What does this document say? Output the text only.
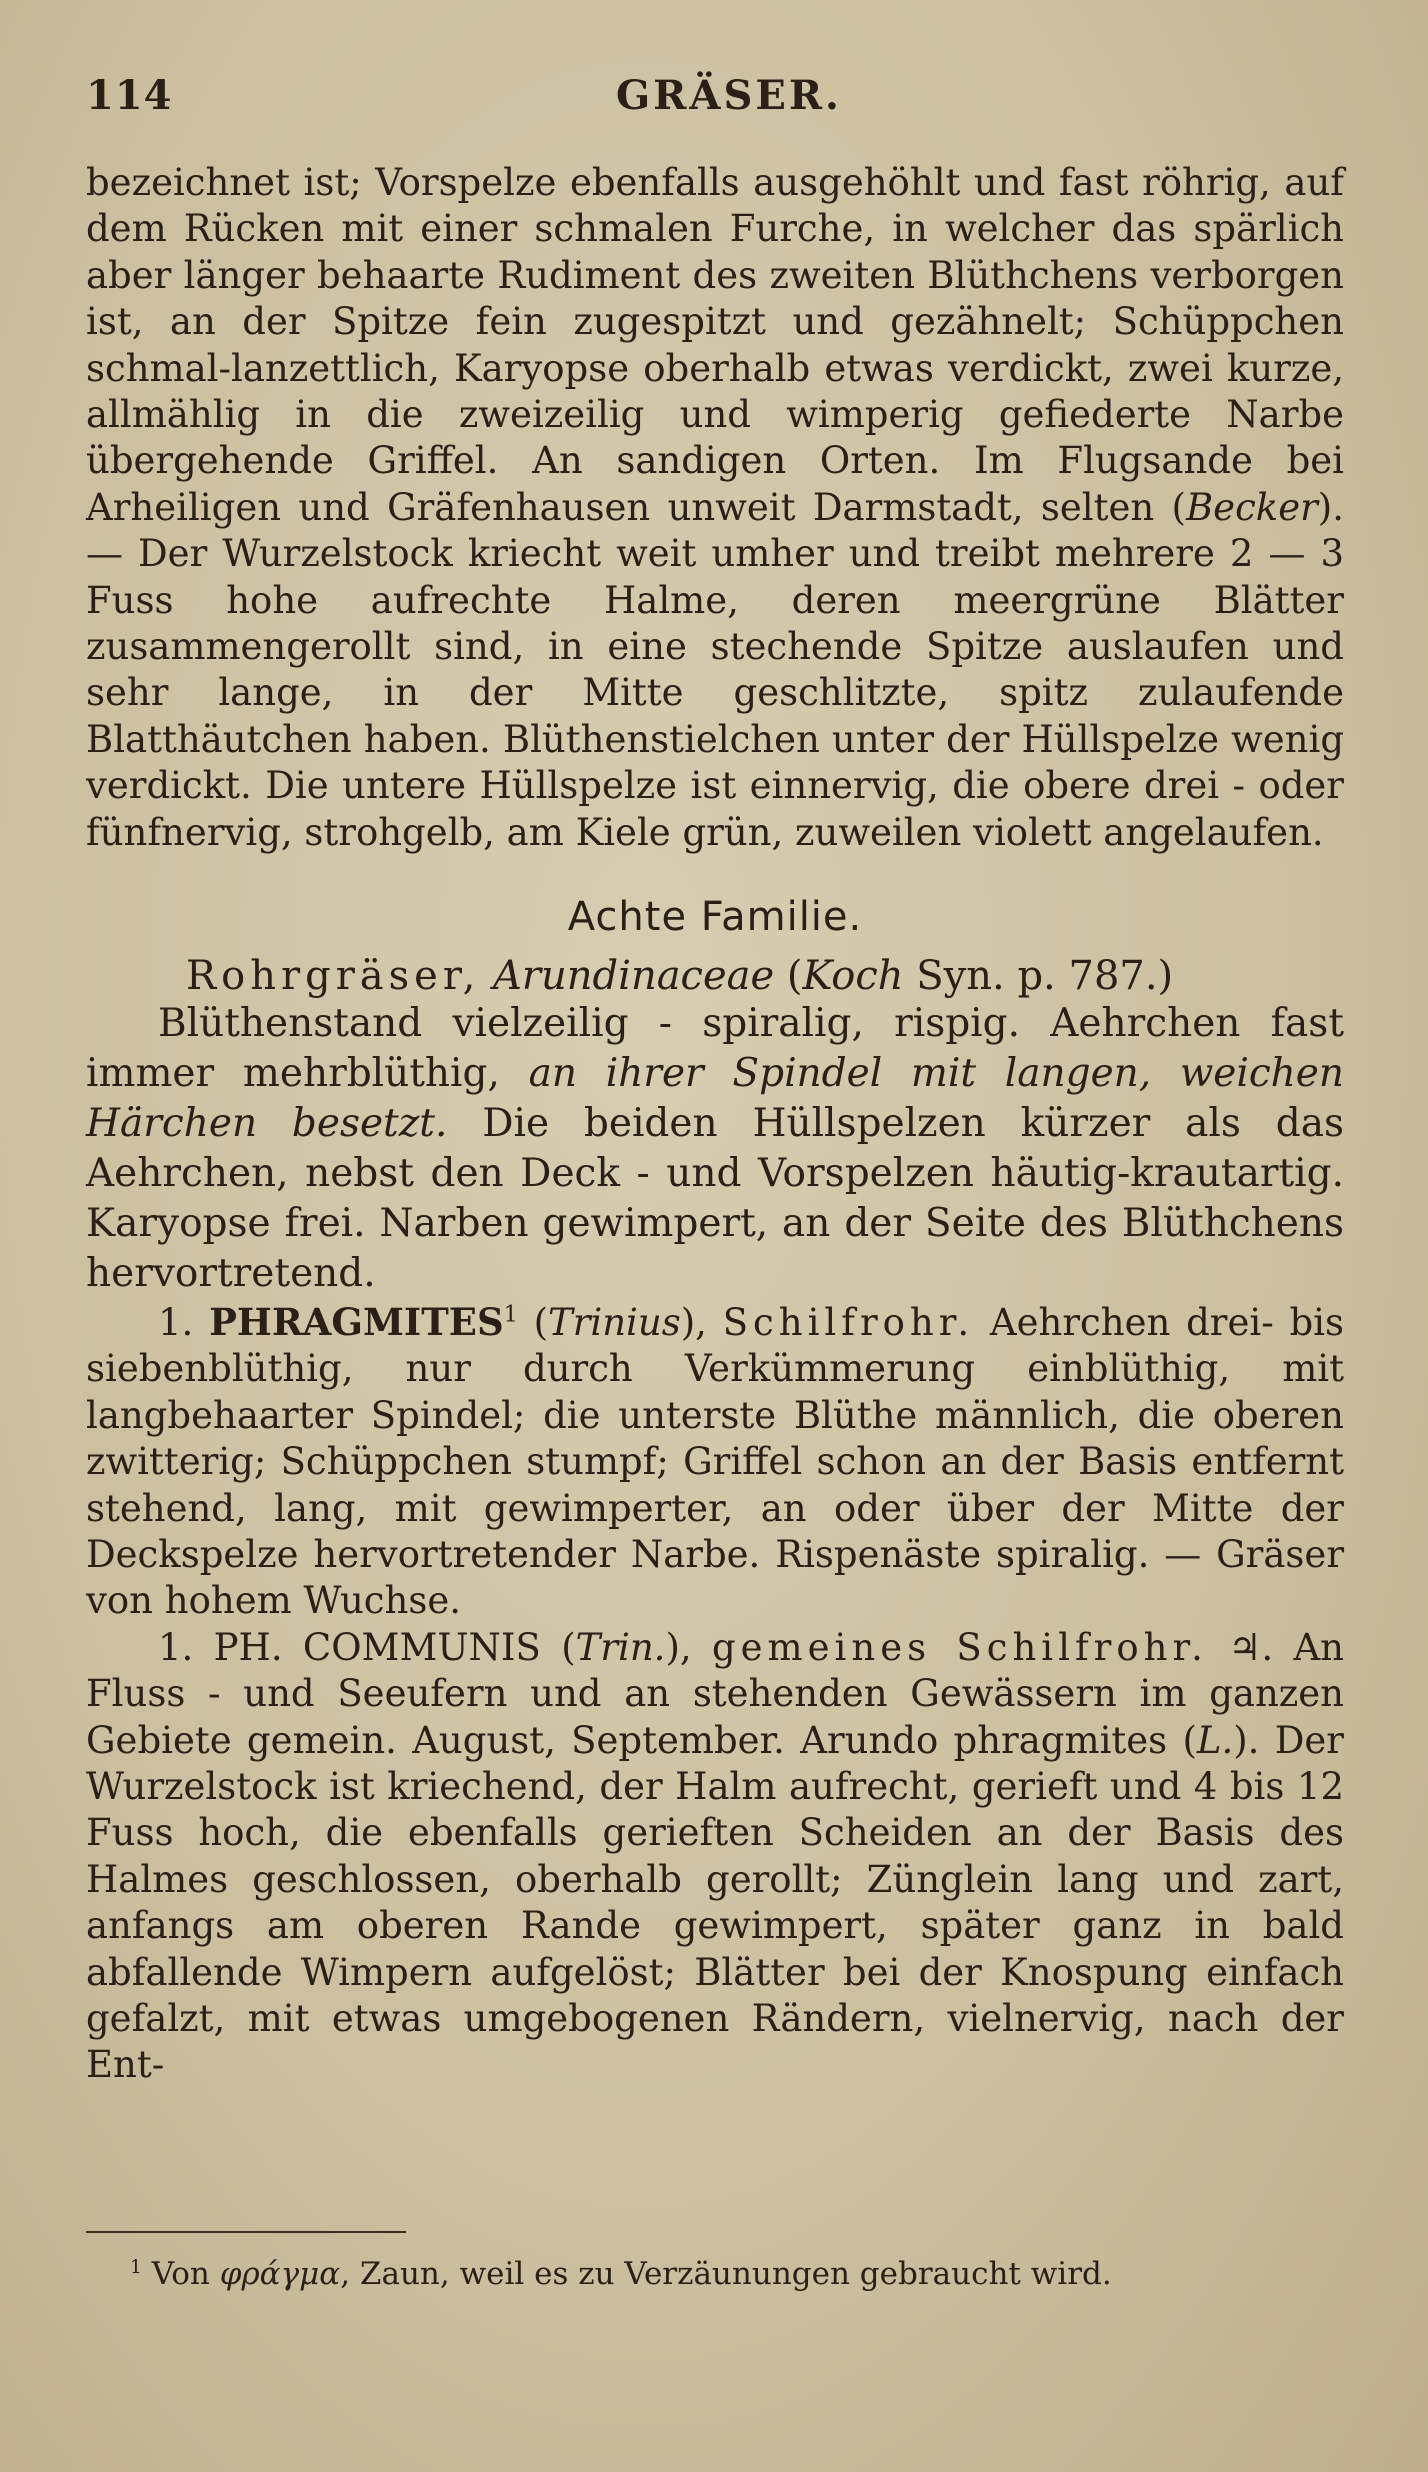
114	GRÄSER.

bezeichnet ist; Vorspelze ebenfalls ausgehöhlt und fast röhrig, auf dem Rücken mit einer schmalen Furche, in welcher das spärlich aber länger behaarte Rudiment des zweiten Blüthchens verborgen ist, an der Spitze fein zugespitzt und gezähnelt; Schüppchen schmal-lanzettlich, Karyopse oberhalb etwas verdickt, zwei kurze, allmählig in die zweizeilig und wimperig gefiederte Narbe übergehende Griffel. An sandigen Orten. Im Flugsande bei Arheiligen und Gräfenhausen unweit Darmstadt, selten (Becker). — Der Wurzelstock kriecht weit umher und treibt mehrere 2 — 3 Fuss hohe aufrechte Halme, deren meergrüne Blätter zusammengerollt sind, in eine stechende Spitze auslaufen und sehr lange, in der Mitte geschlitzte, spitz zulaufende Blatthäutchen haben. Blüthenstielchen unter der Hüllspelze wenig verdickt. Die untere Hüllspelze ist einnervig, die obere drei - oder fünfnervig, strohgelb, am Kiele grün, zuweilen violett angelaufen.

Achte Familie.

Rohrgräser, Arundinaceae (Koch Syn. p. 787.)

Blüthenstand vielzeilig - spiralig, rispig. Aehrchen fast immer mehrblüthig, an ihrer Spindel mit langen, weichen Härchen besetzt. Die beiden Hüllspelzen kürzer als das Aehrchen, nebst den Deck - und Vorspelzen häutig-krautartig. Karyopse frei. Narben gewimpert, an der Seite des Blüthchens hervortretend.

1. PHRAGMITES$^1$ (Trinius), Schilfrohr. Aehrchen drei- bis siebenblüthig, nur durch Verkümmerung einblüthig, mit langbehaarter Spindel; die unterste Blüthe männlich, die oberen zwitterig; Schüppchen stumpf; Griffel schon an der Basis entfernt stehend, lang, mit gewimperter, an oder über der Mitte der Deckspelze hervortretender Narbe. Rispenäste spiralig. — Gräser von hohem Wuchse.

1. PH. COMMUNIS (Trin.), gemeines Schilfrohr. ♃. An Fluss - und Seeufern und an stehenden Gewässern im ganzen Gebiete gemein. August, September. Arundo phragmites (L.). Der Wurzelstock ist kriechend, der Halm aufrecht, gerieft und 4 bis 12 Fuss hoch, die ebenfalls gerieften Scheiden an der Basis des Halmes geschlossen, oberhalb gerollt; Zünglein lang und zart, anfangs am oberen Rande gewimpert, später ganz in bald abfallende Wimpern aufgelöst; Blätter bei der Knospung einfach gefalzt, mit etwas umgebogenen Rändern, vielnervig, nach der Ent-

$^1$ Von φράγμα, Zaun, weil es zu Verzäunungen gebraucht wird.
